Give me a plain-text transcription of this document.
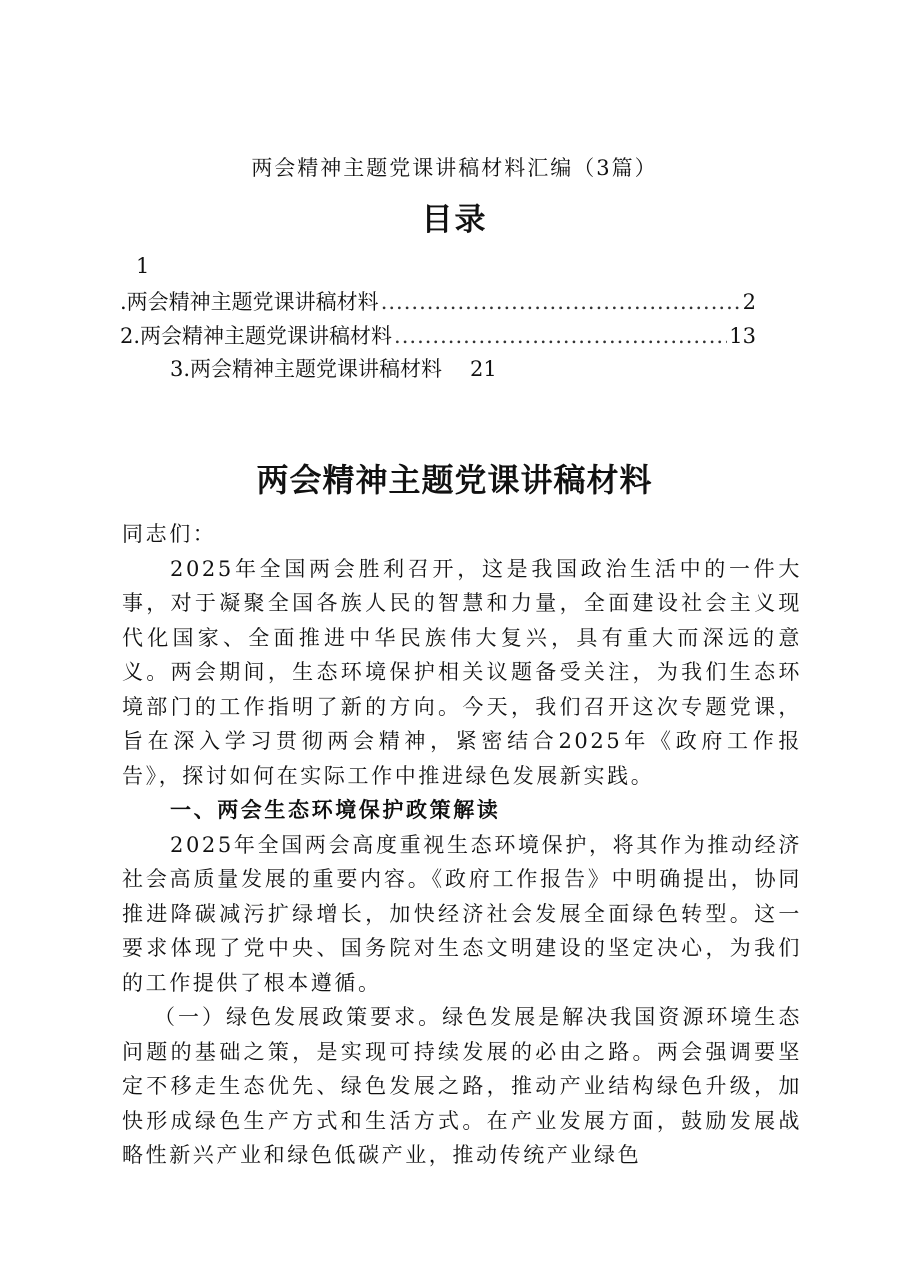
两会精神主题党课讲稿材料汇编（3篇）
目录
1
.两会精神主题党课讲稿材料 .....	2
2.两会精神主题党课讲稿材料 .....	13
3.两会精神主题党课讲稿材料 21
两会精神主题党课讲稿材料

同志们：

2025年全国两会胜利召开，这是我国政治生活中的一件大事，对于凝聚全国各族人民的智慧和力量，全面建设社会主义现代化国家、全面推进中华民族伟大复兴，具有重大而深远的意义。两会期间，生态环境保护相关议题备受关注，为我们生态环境部门的工作指明了新的方向。今天，我们召开这次专题党课，旨在深入学习贯彻两会精神，紧密结合2025年《政府工作报告》，探讨如何在实际工作中推进绿色发展新实践。

一、两会生态环境保护政策解读

2025年全国两会高度重视生态环境保护，将其作为推动经济社会高质量发展的重要内容。《政府工作报告》中明确提出，协同推进降碳减污扩绿增长，加快经济社会发展全面绿色转型。这一要求体现了党中央、国务院对生态文明建设的坚定决心，为我们的工作提供了根本遵循。

（一）绿色发展政策要求。绿色发展是解决我国资源环境生态问题的基础之策，是实现可持续发展的必由之路。两会强调要坚定不移走生态优先、绿色发展之路，推动产业结构绿色升级，加快形成绿色生产方式和生活方式。在产业发展方面，鼓励发展战略性新兴产业和绿色低碳产业，推动传统产业绿色
